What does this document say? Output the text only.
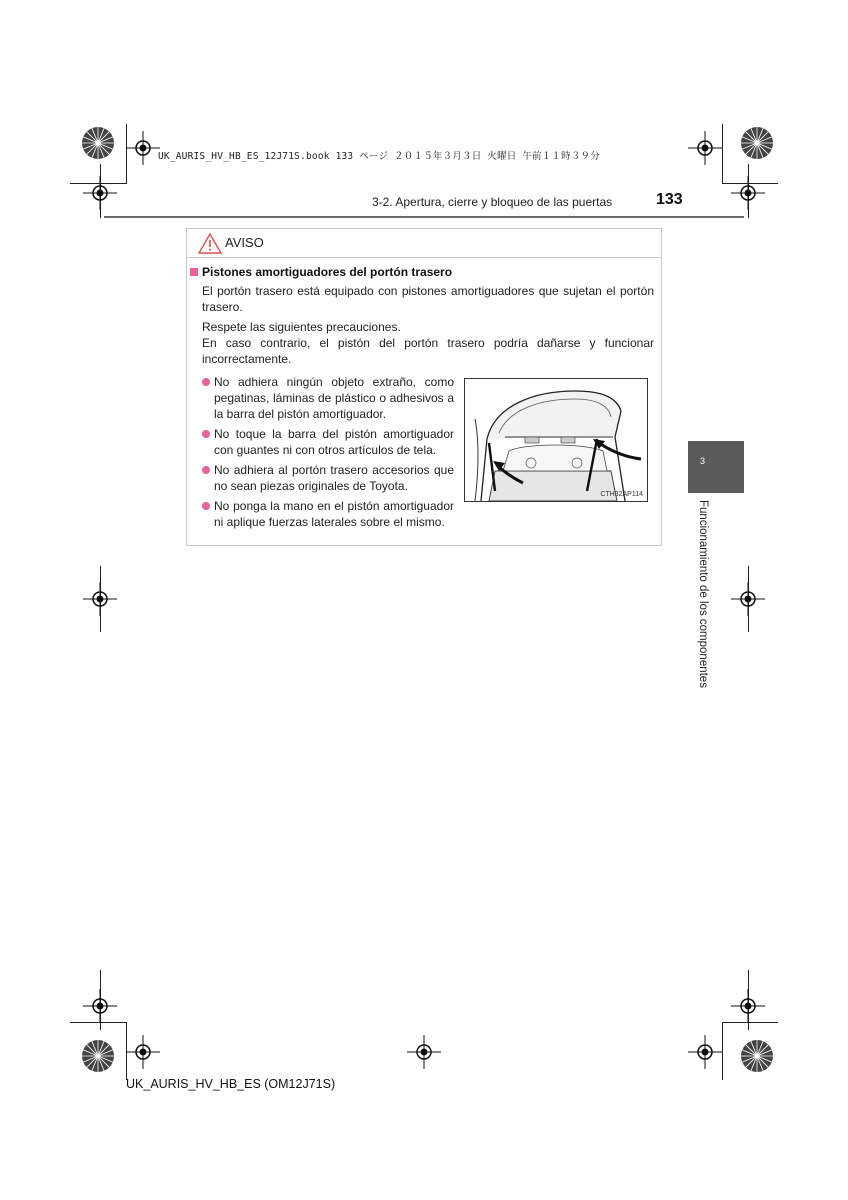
UK_AURIS_HV_HB_ES_12J71S.book 133 ページ ２０１５年３月３日 火曜日 午前１１時３９分
3-2. Apertura, cierre y bloqueo de las puertas	133
AVISO
Pistones amortiguadores del portón trasero
El portón trasero está equipado con pistones amortiguadores que sujetan el portón trasero.
Respete las siguientes precauciones.
En caso contrario, el pistón del portón trasero podría dañarse y funcionar incorrectamente.
No adhiera ningún objeto extraño, como pegatinas, láminas de plástico o adhesivos a la barra del pistón amortiguador.
No toque la barra del pistón amortiguador con guantes ni con otros artículos de tela.
No adhiera al portón trasero accesorios que no sean piezas originales de Toyota.
No ponga la mano en el pistón amortiguador ni aplique fuerzas laterales sobre el mismo.
CTH32AP114
3
Funcionamiento de los componentes
UK_AURIS_HV_HB_ES (OM12J71S)
